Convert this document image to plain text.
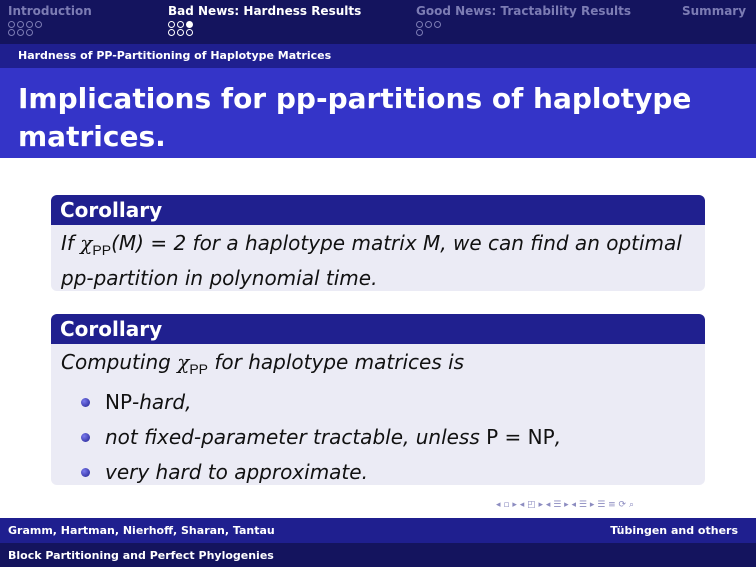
Introduction	Bad News: Hardness Results	Good News: Tractability Results	Summary
Hardness of PP-Partitioning of Haplotype Matrices
Implications for pp-partitions of haplotype matrices.
Corollary
If $\chi_{PP}(M) = 2$ for a haplotype matrix M, we can find an optimal pp-partition in polynomial time.
Corollary
Computing $\chi_{PP}$ for haplotype matrices is
NP-hard,
not fixed-parameter tractable, unless P = NP,
very hard to approximate.
◂ ▫ ▸ ◂ ◰ ▸ ◂ ☰ ▸ ◂ ☰ ▸ ☰ ≡ ⟳ ⌕
Gramm, Hartman, Nierhoff, Sharan, Tantau	Tübingen and others
Block Partitioning and Perfect Phylogenies
